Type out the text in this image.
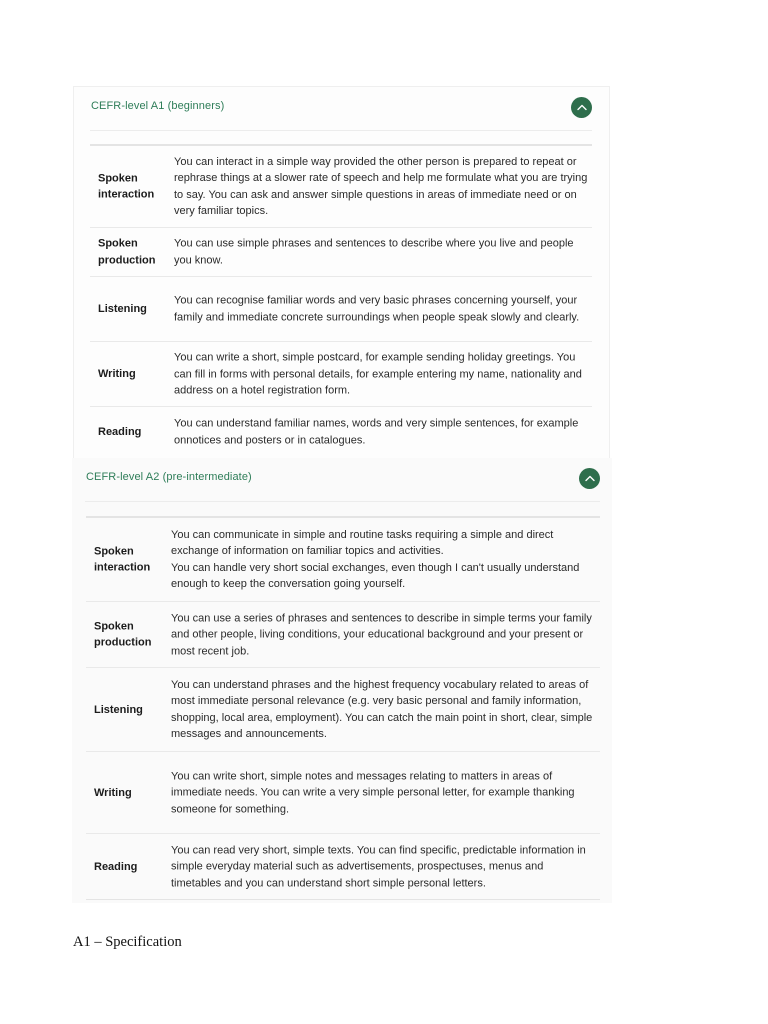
CEFR-level A1 (beginners)
Spoken interaction
You can interact in a simple way provided the other person is prepared to repeat or rephrase things at a slower rate of speech and help me formulate what you are trying to say. You can ask and answer simple questions in areas of immediate need or on very familiar topics.
Spoken production
You can use simple phrases and sentences to describe where you live and people you know.
Listening
You can recognise familiar words and very basic phrases concerning yourself, your family and immediate concrete surroundings when people speak slowly and clearly.
Writing
You can write a short, simple postcard, for example sending holiday greetings. You can fill in forms with personal details, for example entering my name, nationality and address on a hotel registration form.
Reading
You can understand familiar names, words and very simple sentences, for example onnotices and posters or in catalogues.
CEFR-level A2 (pre-intermediate)
Spoken interaction
You can communicate in simple and routine tasks requiring a simple and direct exchange of information on familiar topics and activities.
You can handle very short social exchanges, even though I can't usually understand enough to keep the conversation going yourself.
Spoken production
You can use a series of phrases and sentences to describe in simple terms your family and other people, living conditions, your educational background and your present or most recent job.
Listening
You can understand phrases and the highest frequency vocabulary related to areas of most immediate personal relevance (e.g. very basic personal and family information, shopping, local area, employment). You can catch the main point in short, clear, simple messages and announcements.
Writing
You can write short, simple notes and messages relating to matters in areas of immediate needs. You can write a very simple personal letter, for example thanking someone for something.
Reading
You can read very short, simple texts. You can find specific, predictable information in simple everyday material such as advertisements, prospectuses, menus and timetables and you can understand short simple personal letters.
A1 – Specification
